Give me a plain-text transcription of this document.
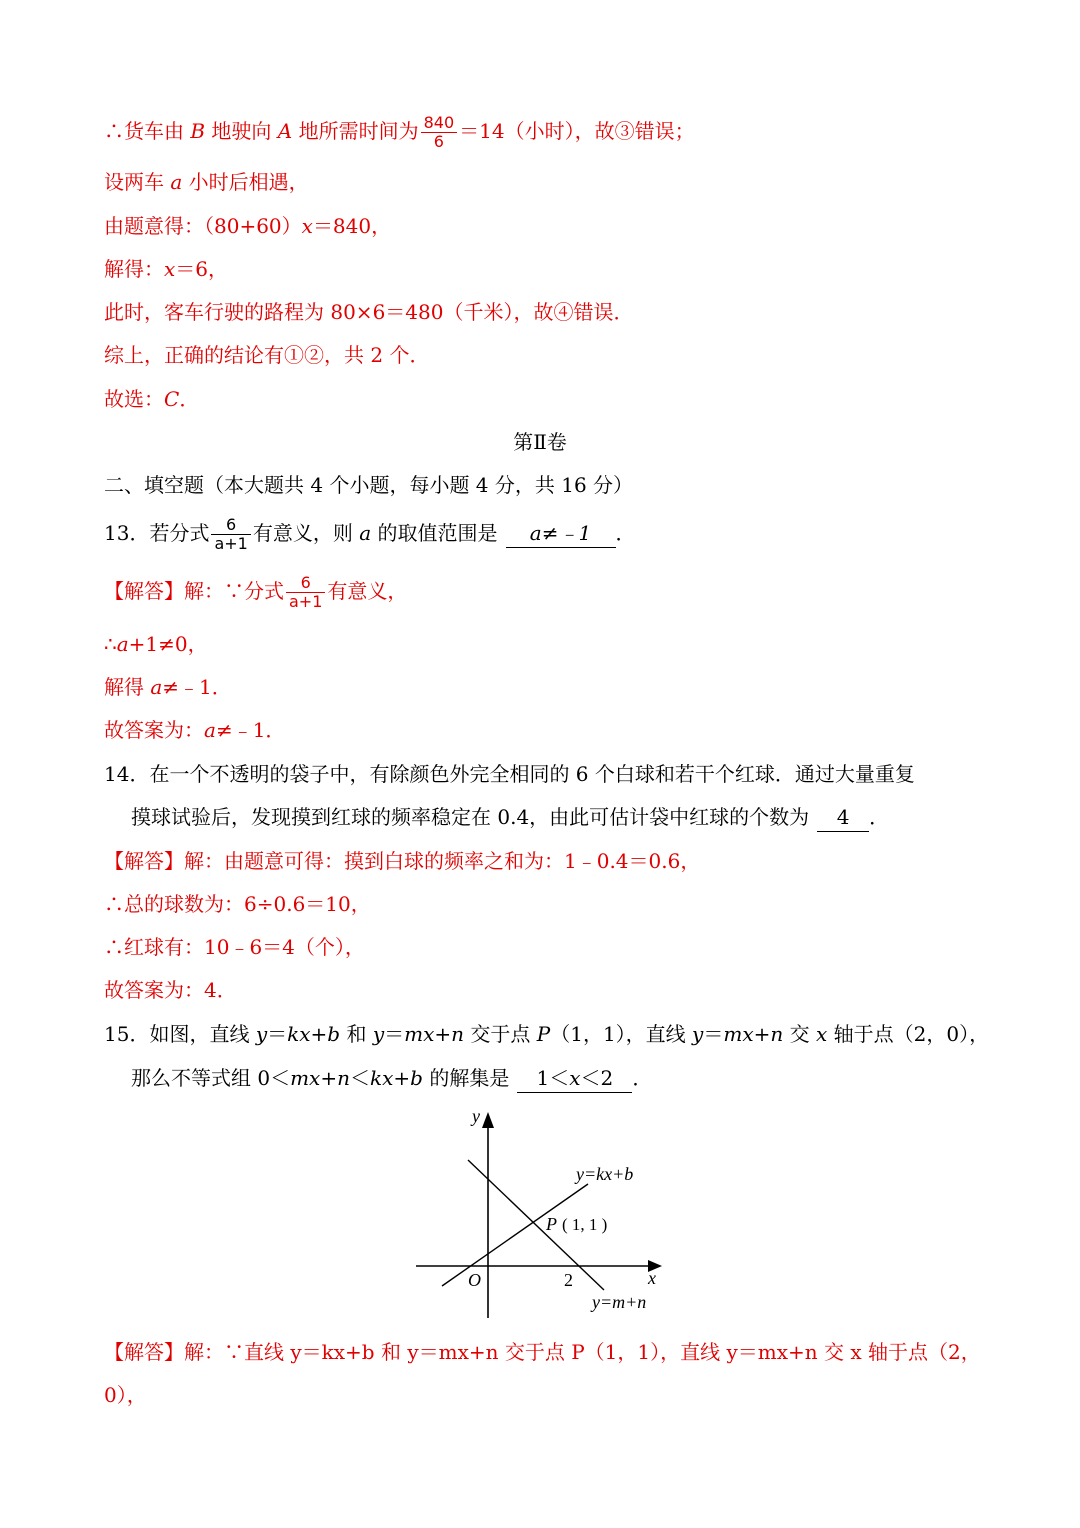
∴货车由 B 地驶向 A 地所需时间为 $\frac{840}{6} =14$（小时），故③错误；
设两车 a 小时后相遇，
由题意得：（80+60）x＝840，
解得：x＝6，
此时，客车行驶的路程为 80×6＝480（千米），故④错误．
综上，正确的结论有①②，共 2 个．
故选：C．
第Ⅱ卷
二、填空题（本大题共 4 个小题，每小题 4 分，共 16 分）
13．若分式 $\frac{6}{a+1}$ 有意义，则 a 的取值范围是 a≠﹣1 ．
【解答】解：∵分式 $\frac{6}{a+1}$ 有意义，
∴a+1≠0，
解得 a≠﹣1．
故答案为：a≠﹣1．
14．在一个不透明的袋子中，有除颜色外完全相同的 6 个白球和若干个红球．通过大量重复
摸球试验后，发现摸到红球的频率稳定在 0.4，由此可估计袋中红球的个数为 4 ．
【解答】解：由题意可得：摸到白球的频率之和为：1﹣0.4＝0.6，
∴总的球数为：6÷0.6＝10，
∴红球有：10﹣6＝4（个），
故答案为：4．
15．如图，直线 y＝kx+b 和 y＝mx+n 交于点 P（1，1），直线 y＝mx+n 交 x 轴于点（2，0），
那么不等式组 0＜mx+n＜kx+b 的解集是 1＜x＜2 ．
y
x
O	2
y=kx+b
y=m+n
P ( 1, 1 )
【解答】解：∵直线 y＝kx+b 和 y＝mx+n 交于点 P（1，1），直线 y＝mx+n 交 x 轴于点（2，
0），
